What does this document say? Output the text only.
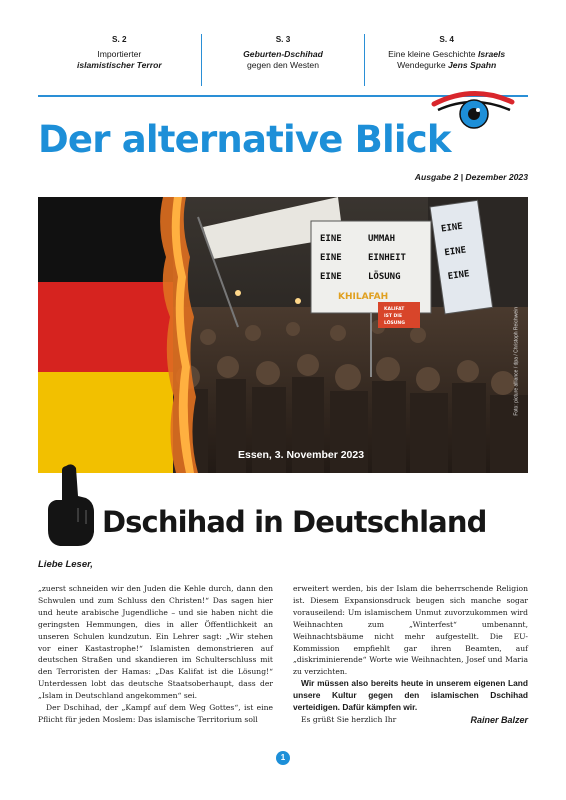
S. 2
Importierter
islamistischer Terror
S. 3
Geburten-Dschihad
gegen den Westen
S. 4
Eine kleine Geschichte Israels
Wendegurke Jens Spahn
Der alternative Blick
Ausgabe 2 | Dezember 2023
EINE	UMMAH
EINE	EINHEIT
EINE	LÖSUNG
KHILAFAH
EINE
EINE
EINE
KALIFAT
IST DIE
LÖSUNG
Essen, 3. November 2023
Foto: picture alliance / dpa / Christoph Reichwein
Dschihad in Deutschland
Liebe Leser,

„zuerst schneiden wir den Juden die Kehle durch, dann den Schwulen und zum Schluss den Christen!“ Das sagen hier und heute arabische Jugendliche – und sie haben nicht die geringsten Hemmungen, dies in aller Öffentlichkeit an unseren Schulen kundzutun. Ein Lehrer sagt: „Wir stehen vor einer Kastastrophe!“ Islamisten demonstrieren auf deutschen Straßen und skandieren im Schulterschluss mit den Terroristen der Hamas: „Das Kalifat ist die Lösung!“ Unterdessen lobt das deutsche Staatsoberhaupt, dass der „Islam in Deutschland angekommen“ sei.

Der Dschihad, der „Kampf auf dem Weg Gottes“, ist eine Pflicht für jeden Moslem: Das islamische Territorium soll

erweitert werden, bis der Islam die beherrschende Religion ist. Diesem Expansionsdruck beugen sich manche sogar vorauseilend: Um islamischem Unmut zuvorzukommen wird Weihnachten zum „Winterfest“ umbenannt, Weihnachtsbäume nicht mehr aufgestellt. Die EU-Kommission empfiehlt gar ihren Beamten, auf „diskriminierende“ Worte wie Weihnachten, Josef und Maria zu verzichten.

Wir müssen also bereits heute in unserem eigenen Land unsere Kultur gegen den islamischen Dschihad verteidigen. Dafür kämpfen wir.

Es grüßt Sie herzlich Ihr	Rainer Balzer
1
